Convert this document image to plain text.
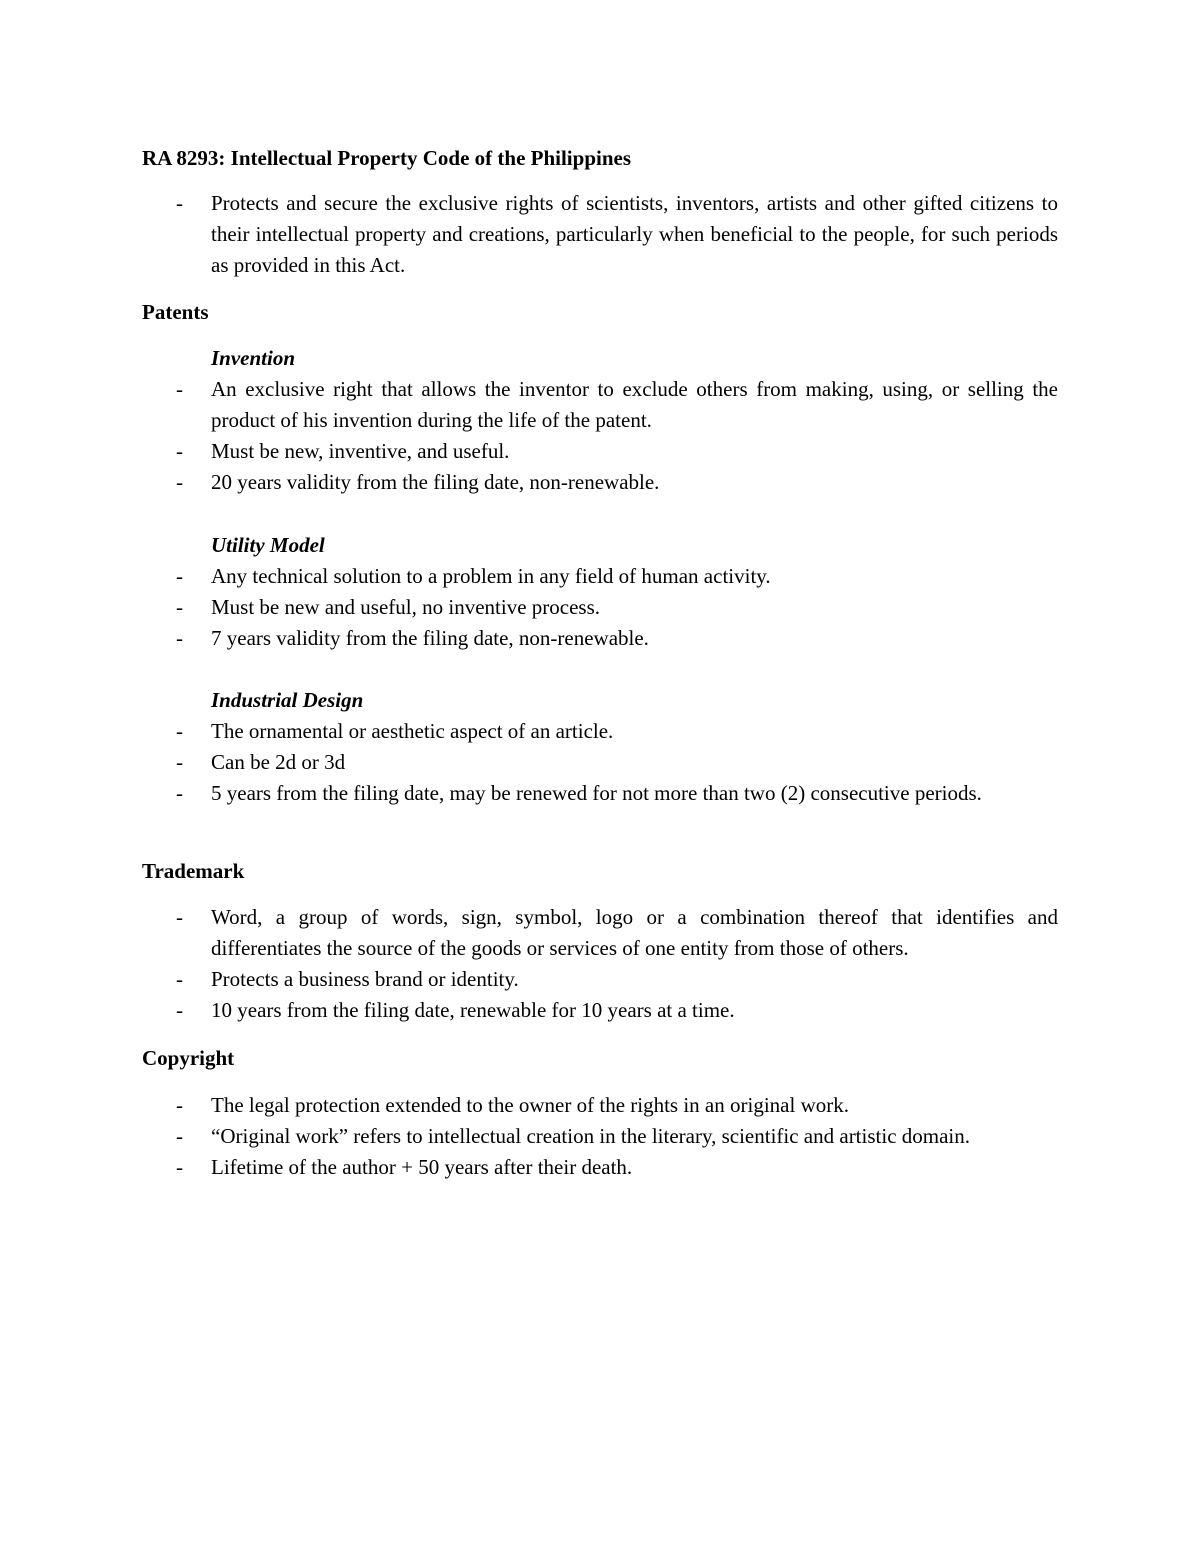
RA 8293: Intellectual Property Code of the Philippines
- Protects and secure the exclusive rights of scientists, inventors, artists and other gifted citizens to their intellectual property and creations, particularly when beneficial to the people, for such periods as provided in this Act.
Patents
Invention
- An exclusive right that allows the inventor to exclude others from making, using, or selling the product of his invention during the life of the patent.
- Must be new, inventive, and useful.
- 20 years validity from the filing date, non-renewable.
Utility Model
- Any technical solution to a problem in any field of human activity.
- Must be new and useful, no inventive process.
- 7 years validity from the filing date, non-renewable.
Industrial Design
- The ornamental or aesthetic aspect of an article.
- Can be 2d or 3d
- 5 years from the filing date, may be renewed for not more than two (2) consecutive periods.
Trademark
- Word, a group of words, sign, symbol, logo or a combination thereof that identifies and differentiates the source of the goods or services of one entity from those of others.
- Protects a business brand or identity.
- 10 years from the filing date, renewable for 10 years at a time.
Copyright
- The legal protection extended to the owner of the rights in an original work.
- “Original work” refers to intellectual creation in the literary, scientific and artistic domain.
- Lifetime of the author + 50 years after their death.
